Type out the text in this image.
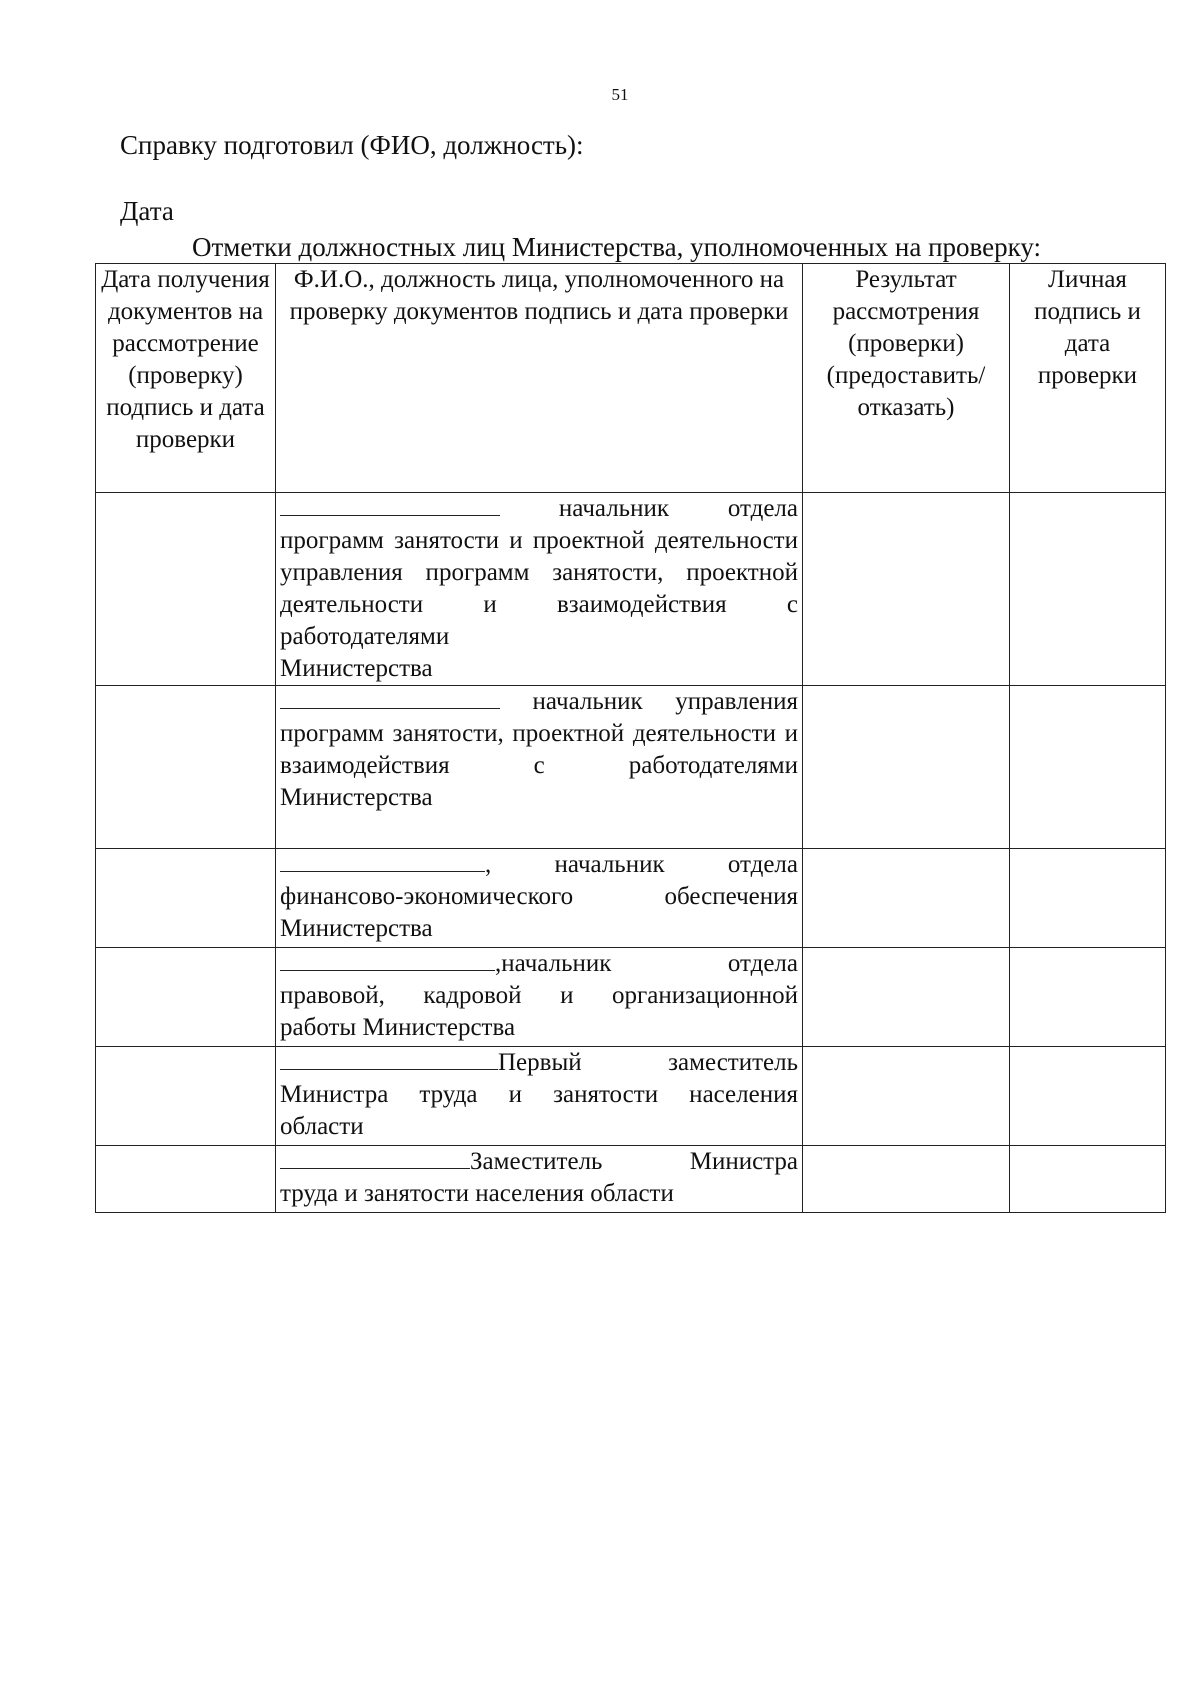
51
Справку подготовил (ФИО, должность):
Дата
Отметки должностных лиц Министерства, уполномоченных на проверку:
Дата получения документов на рассмотрение (проверку) подпись и дата проверки	Ф.И.О., должность лица, уполномоченного на проверку документов подпись и дата проверки	Результат рассмотрения (проверки) (предоставить/отказать)	Личная подпись и дата проверки
	начальник отдела программ занятости и проектной деятельности управления программ занятости, проектной деятельности и взаимодействия с работодателями
Министерства		

	начальник управления программ занятости, проектной деятельности и взаимодействия с работодателями
Министерства		

	, начальник отдела финансово-экономического обеспечения
Министерства		

	,начальник отдела правовой, кадровой и организационной
работы Министерства		

	Первый заместитель Министра труда и занятости населения
области		

	Заместитель Министра
труда и занятости населения области		
